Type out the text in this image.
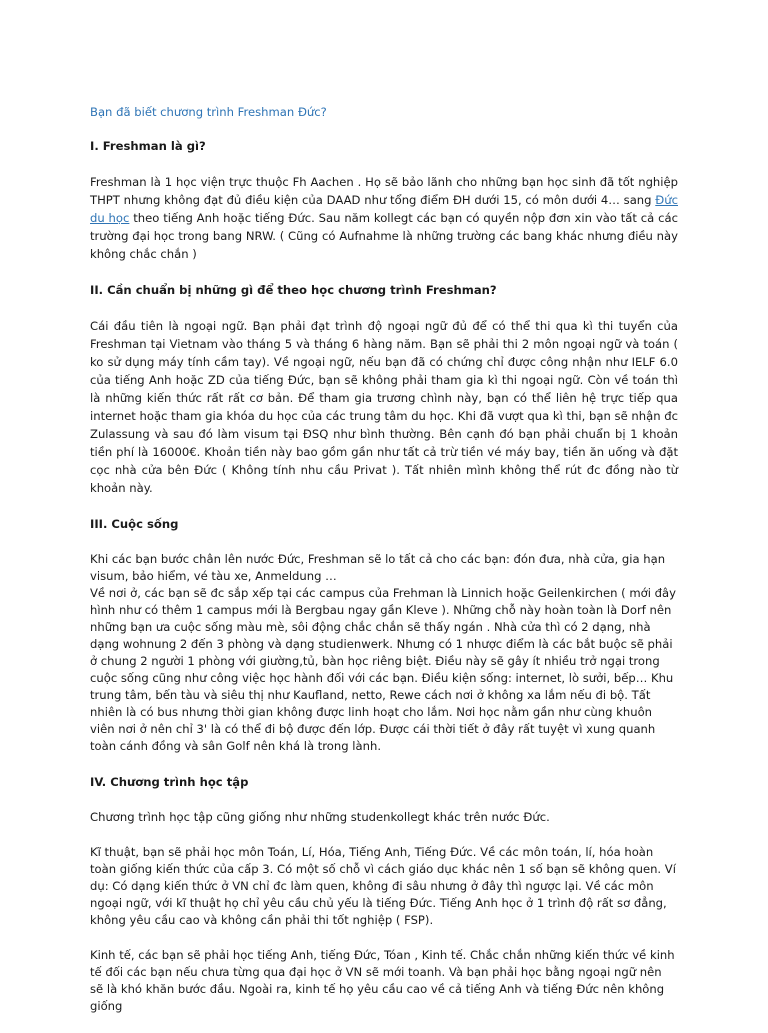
Bạn đã biết chương trình Freshman Đức?

I. Freshman là gì?

Freshman là 1 học viện trực thuộc Fh Aachen . Họ sẽ bảo lãnh cho những bạn học sinh đã tốt nghiệp THPT nhưng không đạt đủ điều kiện của DAAD như tổng điểm ĐH dưới 15, có môn dưới 4… sang Đức du học theo tiếng Anh hoặc tiếng Đức. Sau năm kollegt các bạn có quyền nộp đơn xin vào tất cả các trường đại học trong bang NRW. ( Cũng có Aufnahme là những trường các bang khác nhưng điều này không chắc chắn )

II. Cần chuẩn bị những gì để theo học chương trình Freshman?

Cái đầu tiên là ngoại ngữ. Bạn phải đạt trình độ ngoại ngữ đủ để có thể thi qua kì thi tuyển của Freshman tại Vietnam vào tháng 5 và tháng 6 hàng năm. Bạn sẽ phải thi 2 môn ngoại ngữ và toán ( ko sử dụng máy tính cầm tay). Về ngoại ngữ, nếu bạn đã có chứng chỉ được công nhận như IELF 6.0 của tiếng Anh hoặc ZD của tiếng Đức, bạn sẽ không phải tham gia kì thi ngoại ngữ. Còn về toán thì là những kiến thức rất rất cơ bản. Để tham gia trương chình này, bạn có thể liên hệ trực tiếp qua internet hoặc tham gia khóa du học của các trung tâm du học. Khi đã vượt qua kì thi, bạn sẽ nhận đc Zulassung và sau đó làm visum tại ĐSQ như bình thường. Bên cạnh đó bạn phải chuẩn bị 1 khoản tiền phí là 16000€. Khoản tiền này bao gồm gần như tất cả trừ tiền vé máy bay, tiền ăn uống và đặt cọc nhà cửa bên Đức ( Không tính nhu cầu Privat ). Tất nhiên mình không thể rút đc đồng nào từ khoản này.

III. Cuộc sống

Khi các bạn bước chân lên nước Đức, Freshman sẽ lo tất cả cho các bạn: đón đưa, nhà cửa, gia hạn visum, bảo hiểm, vé tàu xe, Anmeldung …
Về nơi ở, các bạn sẽ đc sắp xếp tại các campus của Frehman là Linnich hoặc Geilenkirchen ( mới đây hình như có thêm 1 campus mới là Bergbau ngay gần Kleve ). Những chỗ này hoàn toàn là Dorf nên những bạn ưa cuộc sống màu mè, sôi động chắc chắn sẽ thấy ngán . Nhà cửa thì có 2 dạng, nhà dạng wohnung 2 đến 3 phòng và dạng studienwerk. Nhưng có 1 nhược điểm là các bắt buộc sẽ phải ở chung 2 người 1 phòng với giường,tủ, bàn học riêng biệt. Điều này sẽ gây ít nhiều trở ngại trong cuộc sống cũng như công việc học hành đối với các bạn. Điều kiện sống: internet, lò sưởi, bếp… Khu trung tâm, bến tàu và siêu thị như Kaufland, netto, Rewe cách nơi ở không xa lắm nếu đi bộ. Tất nhiên là có bus nhưng thời gian không được linh hoạt cho lắm. Nơi học nằm gần như cùng khuôn viên nơi ở nên chỉ 3' là có thể đi bộ được đến lớp. Được cái thời tiết ở đây rất tuyệt vì xung quanh toàn cánh đồng và sân Golf nên khá là trong lành.

IV. Chương trình học tập

Chương trình học tập cũng giống như những studenkollegt khác trên nước Đức.

Kĩ thuật, bạn sẽ phải học môn Toán, Lí, Hóa, Tiếng Anh, Tiếng Đức. Về các môn toán, lí, hóa hoàn toàn giống kiến thức của cấp 3. Có một số chỗ vì cách giáo dục khác nên 1 số bạn sẽ không quen. Ví dụ: Có dạng kiến thức ở VN chỉ đc làm quen, không đi sâu nhưng ở đây thì ngược lại. Về các môn ngoại ngữ, với kĩ thuật họ chỉ yêu cầu chủ yếu là tiếng Đức. Tiếng Anh học ở 1 trình độ rất sơ đẳng, không yêu cầu cao và không cần phải thi tốt nghiệp ( FSP).

Kinh tế, các bạn sẽ phải học tiếng Anh, tiếng Đức, Tóan , Kinh tế. Chắc chắn những kiến thức về kinh tế đối các bạn nếu chưa từng qua đại học ở VN sẽ mới toanh. Và bạn phải học bằng ngoại ngữ nên sẽ là khó khăn bước đầu. Ngoài ra, kinh tế họ yêu cầu cao về cả tiếng Anh và tiếng Đức nên không giống
